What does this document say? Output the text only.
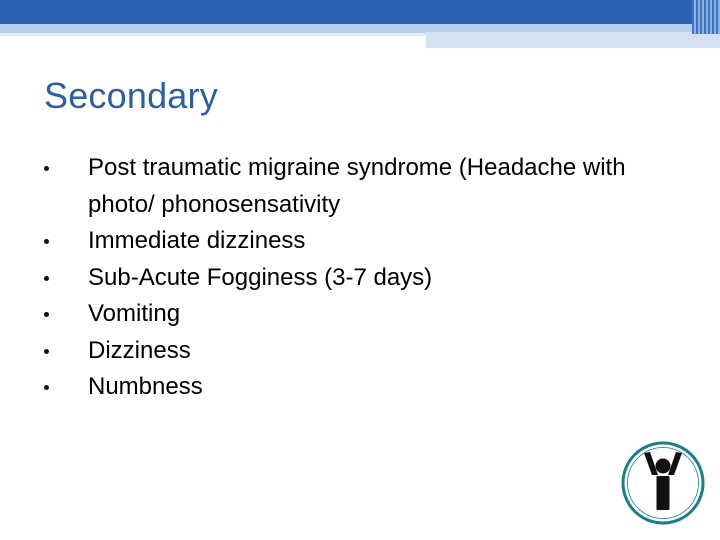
Secondary
Post traumatic migraine syndrome (Headache with photo/ phonosensativity
Immediate dizziness
Sub-Acute Fogginess (3-7 days)
Vomiting
Dizziness
Numbness
